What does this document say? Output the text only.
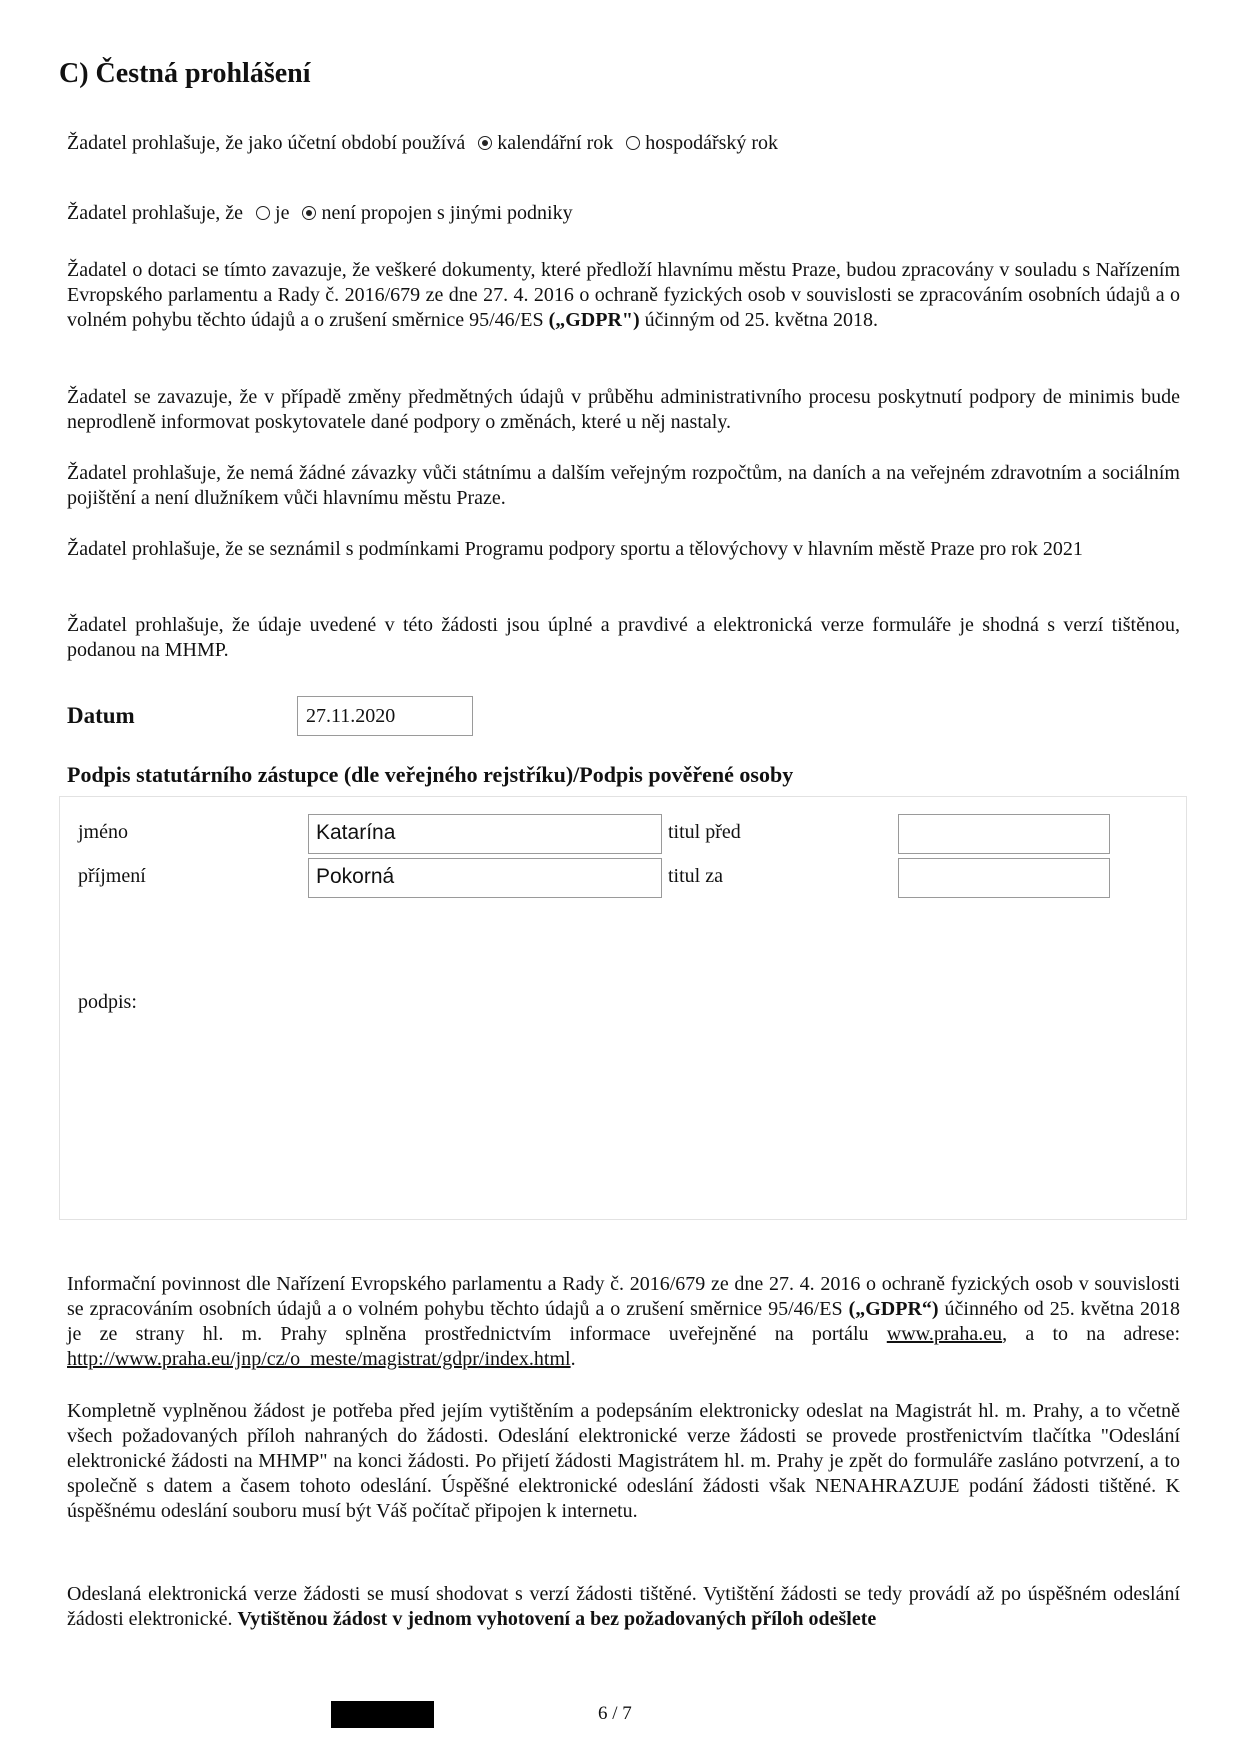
C) Čestná prohlášení
Žadatel prohlašuje, že jako účetní období používá kalendářní rok hospodářský rok
Žadatel prohlašuje, že je není propojen s jinými podniky

Žadatel o dotaci se tímto zavazuje, že veškeré dokumenty, které předloží hlavnímu městu Praze, budou zpracovány v souladu s Nařízením Evropského parlamentu a Rady č. 2016/679 ze dne 27. 4. 2016 o ochraně fyzických osob v souvislosti se zpracováním osobních údajů a o volném pohybu těchto údajů a o zrušení směrnice 95/46/ES („GDPR") účinným od 25. května 2018.

Žadatel se zavazuje, že v případě změny předmětných údajů v průběhu administrativního procesu poskytnutí podpory de minimis bude neprodleně informovat poskytovatele dané podpory o změnách, které u něj nastaly.

Žadatel prohlašuje, že nemá žádné závazky vůči státnímu a dalším veřejným rozpočtům, na daních a na veřejném zdravotním a sociálním pojištění a není dlužníkem vůči hlavnímu městu Praze.

Žadatel prohlašuje, že se seznámil s podmínkami Programu podpory sportu a tělovýchovy v hlavním městě Praze pro rok 2021

Žadatel prohlašuje, že údaje uvedené v této žádosti jsou úplné a pravdivé a elektronická verze formuláře je shodná s verzí tištěnou, podanou na MHMP.

Datum	27.11.2020
Podpis statutárního zástupce (dle veřejného rejstříku)/Podpis pověřené osoby
jméno	Katarína	titul před
příjmení	Pokorná	titul za
podpis:

Informační povinnost dle Nařízení Evropského parlamentu a Rady č. 2016/679 ze dne 27. 4. 2016 o ochraně fyzických osob v souvislosti se zpracováním osobních údajů a o volném pohybu těchto údajů a o zrušení směrnice 95/46/ES („GDPR“) účinného od 25. května 2018 je ze strany hl. m. Prahy splněna prostřednictvím informace uveřejněné na portálu www.praha.eu, a to na adrese: http://www.praha.eu/jnp/cz/o_meste/magistrat/gdpr/index.html.

Kompletně vyplněnou žádost je potřeba před jejím vytištěním a podepsáním elektronicky odeslat na Magistrát hl. m. Prahy, a to včetně všech požadovaných příloh nahraných do žádosti. Odeslání elektronické verze žádosti se provede prostřenictvím tlačítka "Odeslání elektronické žádosti na MHMP" na konci žádosti. Po přijetí žádosti Magistrátem hl. m. Prahy je zpět do formuláře zasláno potvrzení, a to společně s datem a časem tohoto odeslání. Úspěšné elektronické odeslání žádosti však NENAHRAZUJE podání žádosti tištěné. K úspěšnému odeslání souboru musí být Váš počítač připojen k internetu.

Odeslaná elektronická verze žádosti se musí shodovat s verzí žádosti tištěné. Vytištění žádosti se tedy provádí až po úspěšném odeslání žádosti elektronické. Vytištěnou žádost v jednom vyhotovení a bez požadovaných příloh odešlete

6 / 7
